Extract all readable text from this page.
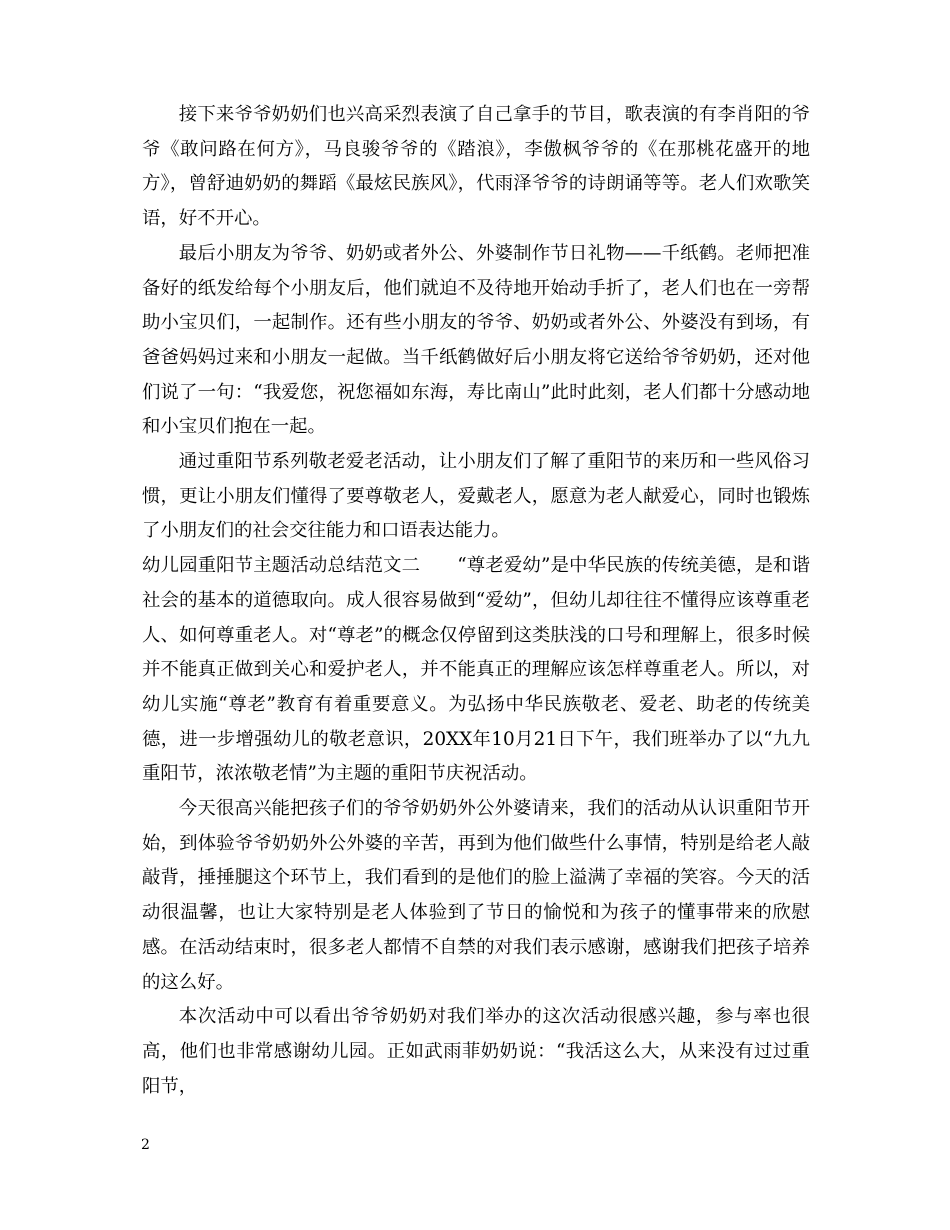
接下来爷爷奶奶们也兴高采烈表演了自己拿手的节目，歌表演的有李肖阳的爷爷《敢问路在何方》，马良骏爷爷的《踏浪》，李傲枫爷爷的《在那桃花盛开的地方》，曾舒迪奶奶的舞蹈《最炫民族风》，代雨泽爷爷的诗朗诵等等。老人们欢歌笑语，好不开心。

最后小朋友为爷爷、奶奶或者外公、外婆制作节日礼物——千纸鹤。老师把准备好的纸发给每个小朋友后，他们就迫不及待地开始动手折了，老人们也在一旁帮助小宝贝们，一起制作。还有些小朋友的爷爷、奶奶或者外公、外婆没有到场，有爸爸妈妈过来和小朋友一起做。当千纸鹤做好后小朋友将它送给爷爷奶奶，还对他们说了一句：“我爱您，祝您福如东海，寿比南山”此时此刻，老人们都十分感动地和小宝贝们抱在一起。

通过重阳节系列敬老爱老活动，让小朋友们了解了重阳节的来历和一些风俗习惯，更让小朋友们懂得了要尊敬老人，爱戴老人，愿意为老人献爱心，同时也锻炼了小朋友们的社会交往能力和口语表达能力。

幼儿园重阳节主题活动总结范文二　　“尊老爱幼”是中华民族的传统美德，是和谐社会的基本的道德取向。成人很容易做到“爱幼”，但幼儿却往往不懂得应该尊重老人、如何尊重老人。对“尊老”的概念仅停留到这类肤浅的口号和理解上，很多时候并不能真正做到关心和爱护老人，并不能真正的理解应该怎样尊重老人。所以，对幼儿实施“尊老”教育有着重要意义。为弘扬中华民族敬老、爱老、助老的传统美德，进一步增强幼儿的敬老意识，20XX年10月21日下午，我们班举办了以“九九重阳节，浓浓敬老情”为主题的重阳节庆祝活动。

今天很高兴能把孩子们的爷爷奶奶外公外婆请来，我们的活动从认识重阳节开始，到体验爷爷奶奶外公外婆的辛苦，再到为他们做些什么事情，特别是给老人敲敲背，捶捶腿这个环节上，我们看到的是他们的脸上溢满了幸福的笑容。今天的活动很温馨，也让大家特别是老人体验到了节日的愉悦和为孩子的懂事带来的欣慰感。在活动结束时，很多老人都情不自禁的对我们表示感谢，感谢我们把孩子培养的这么好。

本次活动中可以看出爷爷奶奶对我们举办的这次活动很感兴趣，参与率也很高，他们也非常感谢幼儿园。正如武雨菲奶奶说：“我活这么大，从来没有过过重阳节，

2
